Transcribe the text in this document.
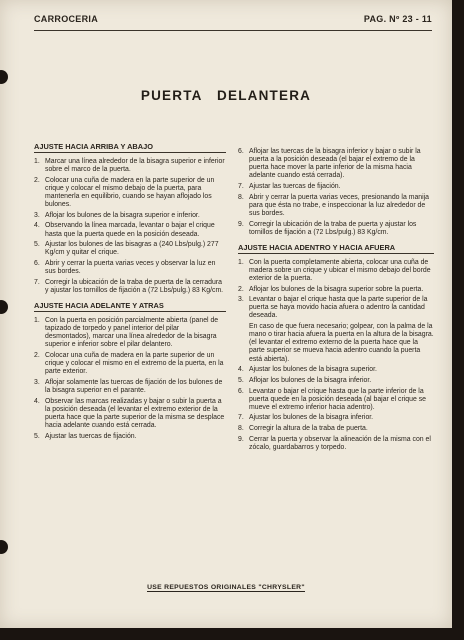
CARROCERIA	PAG. Nº 23 - 11
PUERTA DELANTERA
AJUSTE HACIA ARRIBA Y ABAJO
1. Marcar una línea alrededor de la bisagra superior e inferior sobre el marco de la puerta.
2. Colocar una cuña de madera en la parte superior de un crique y colocar el mismo debajo de la puerta, para mantenerla en equilibrio, cuando se hayan aflojado los bulones.
3. Aflojar los bulones de la bisagra superior e inferior.
4. Observando la línea marcada, levantar o bajar el crique hasta que la puerta quede en la posición deseada.
5. Ajustar los bulones de las bisagras a (240 Lbs/pulg.) 277 Kg/cm y quitar el crique.
6. Abrir y cerrar la puerta varias veces y observar la luz en sus bordes.
7. Corregir la ubicación de la traba de puerta de la cerradura y ajustar los tornillos de fijación a (72 Lbs/pulg.) 83 Kg/cm.
AJUSTE HACIA ADELANTE Y ATRAS
1. Con la puerta en posición parcialmente abierta (panel de tapizado de torpedo y panel interior del pilar desmontados), marcar una línea alrededor de la bisagra superior e inferior sobre el pilar delantero.
2. Colocar una cuña de madera en la parte superior de un crique y colocar el mismo en el extremo de la puerta, en la parte exterior.
3. Aflojar solamente las tuercas de fijación de los bulones de la bisagra superior en el parante.
4. Observar las marcas realizadas y bajar o subir la puerta a la posición deseada (el levantar el extremo exterior de la puerta hace que la parte superior de la misma se desplace hacia adelante cuando está cerrada.
5. Ajustar las tuercas de fijación.
6. Aflojar las tuercas de la bisagra inferior y bajar o subir la puerta a la posición deseada (el bajar el extremo de la puerta hace mover la parte inferior de la misma hacia adelante cuando está cerrada).
7. Ajustar las tuercas de fijación.
8. Abrir y cerrar la puerta varias veces, presionando la manija para que ésta no trabe, e inspeccionar la luz alrededor de sus bordes.
9. Corregir la ubicación de la traba de puerta y ajustar los tornillos de fijación a (72 Lbs/pulg.) 83 Kg/cm.
AJUSTE HACIA ADENTRO Y HACIA AFUERA
1. Con la puerta completamente abierta, colocar una cuña de madera sobre un crique y ubicar el mismo debajo del borde exterior de la puerta.
2. Aflojar los bulones de la bisagra superior sobre la puerta.
3. Levantar o bajar el crique hasta que la parte superior de la puerta se haya movido hacia afuera o adentro la cantidad deseada.

En caso de que fuera necesario; golpear, con la palma de la mano o tirar hacia afuera la puerta en la altura de la bisagra. (el levantar el extremo externo de la puerta hace que la parte superior se mueva hacia adentro cuando la puerta está abierta).

4. Ajustar los bulones de la bisagra superior.
5. Aflojar los bulones de la bisagra inferior.
6. Levantar o bajar el crique hasta que la parte inferior de la puerta quede en la posición deseada (al bajar el crique se mueve el extremo inferior hacia adentro).
7. Ajustar los bulones de la bisagra inferior.
8. Corregir la altura de la traba de puerta.
9. Cerrar la puerta y observar la alineación de la misma con el zócalo, guardabarros y torpedo.
USE REPUESTOS ORIGINALES "CHRYSLER"
